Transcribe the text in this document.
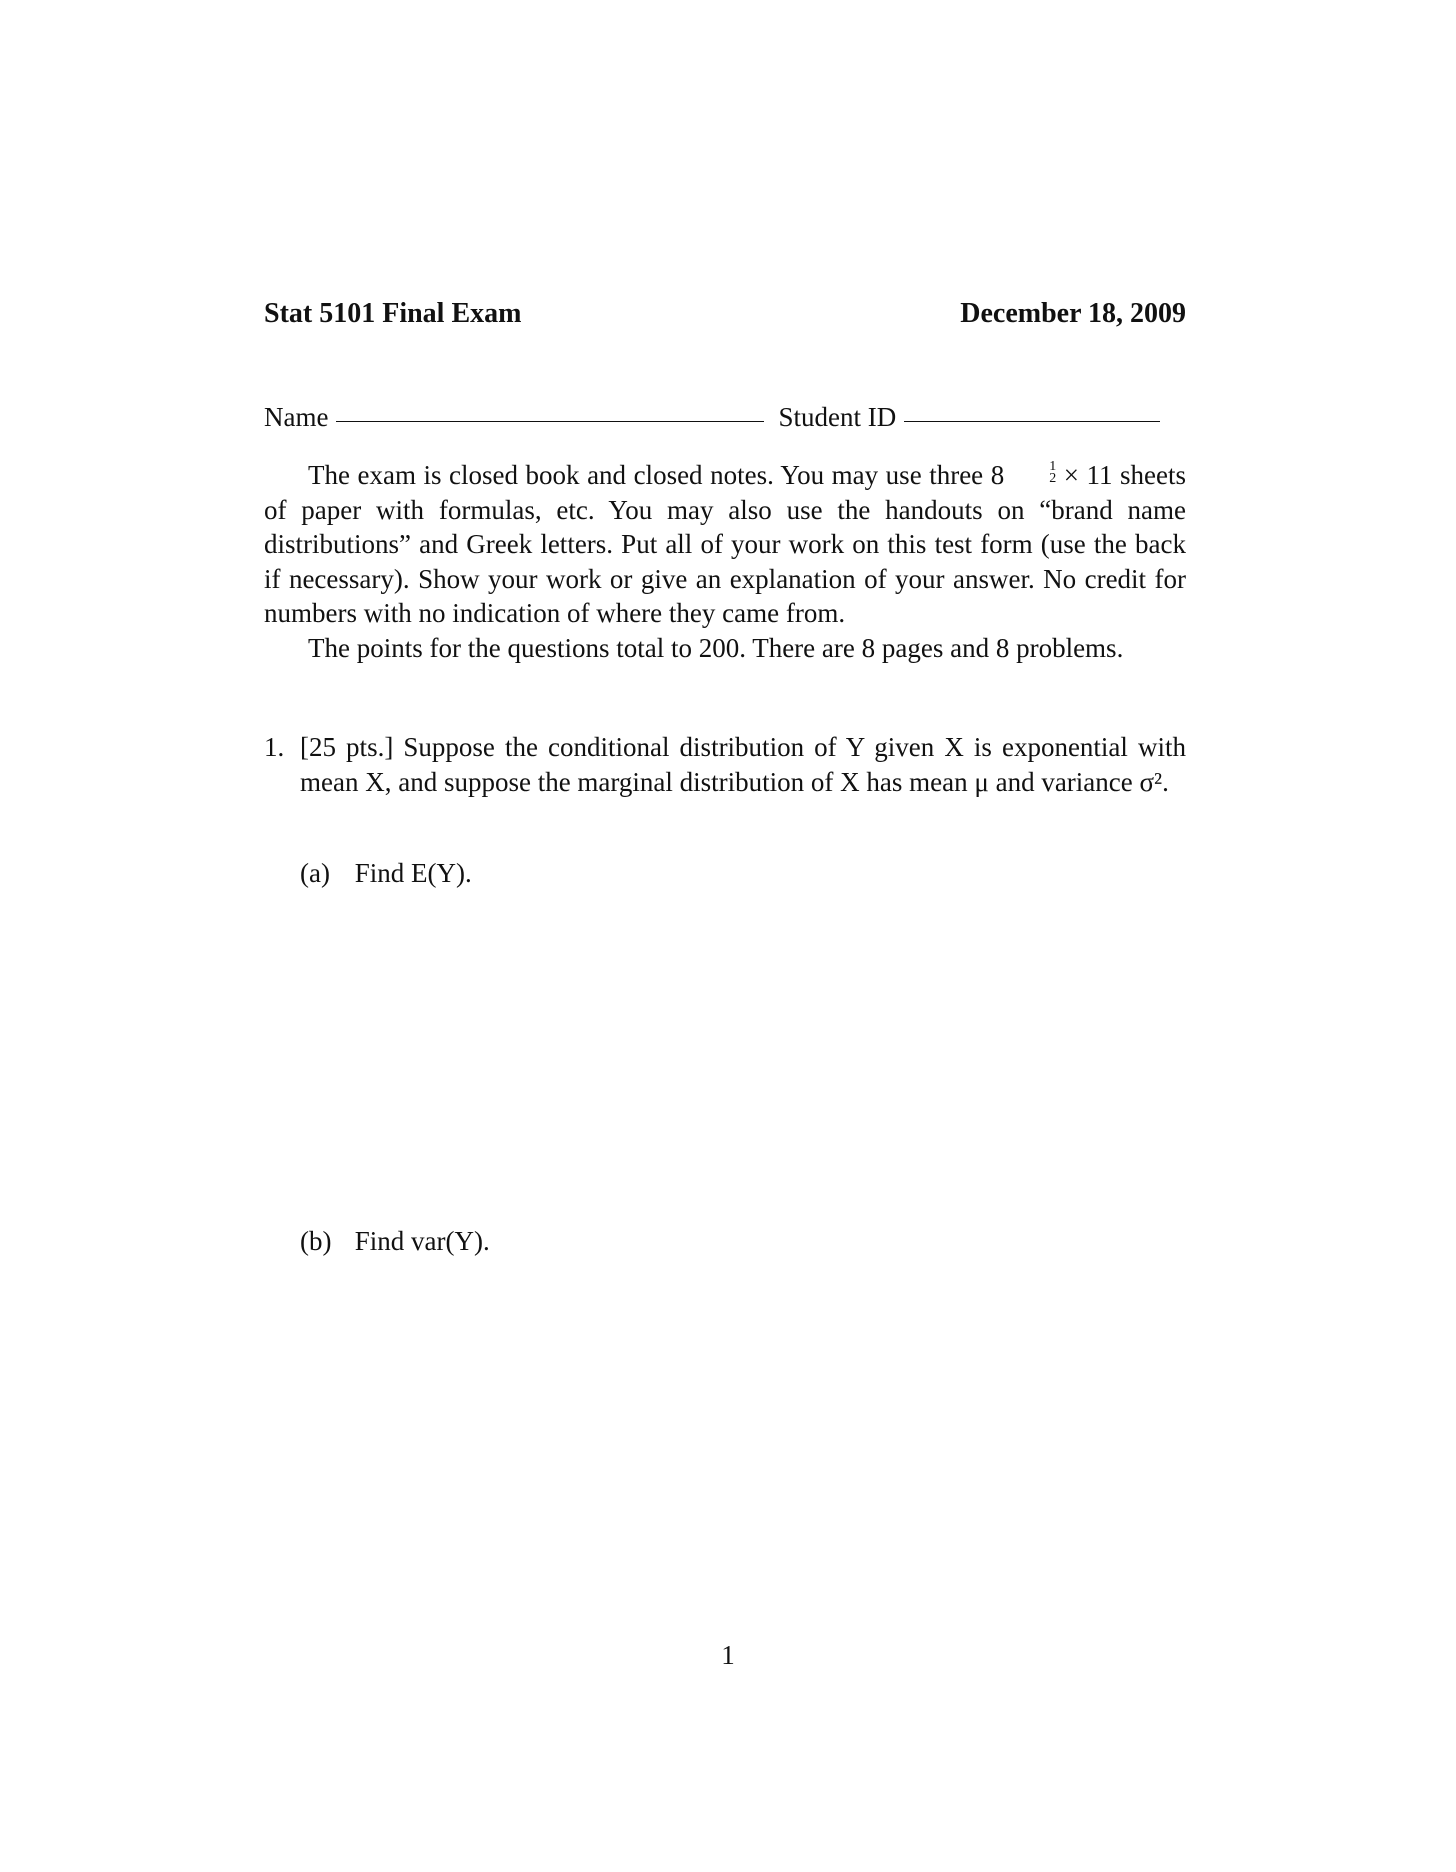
Stat 5101 Final Exam	December 18, 2009
Name	Student ID

The exam is closed book and closed notes. You may use three 8	1
2 × 11 sheets of paper with formulas, etc. You may also use the handouts on “brand name distributions” and Greek letters. Put all of your work on this test form (use the back if necessary). Show your work or give an explanation of your answer. No credit for numbers with no indication of where they came from.

The points for the questions total to 200. There are 8 pages and 8 problems.

1. [25 pts.] Suppose the conditional distribution of Y given X is exponential with mean X, and suppose the marginal distribution of X has mean μ and variance σ².
(a) Find E(Y).
(b) Find var(Y).
1
